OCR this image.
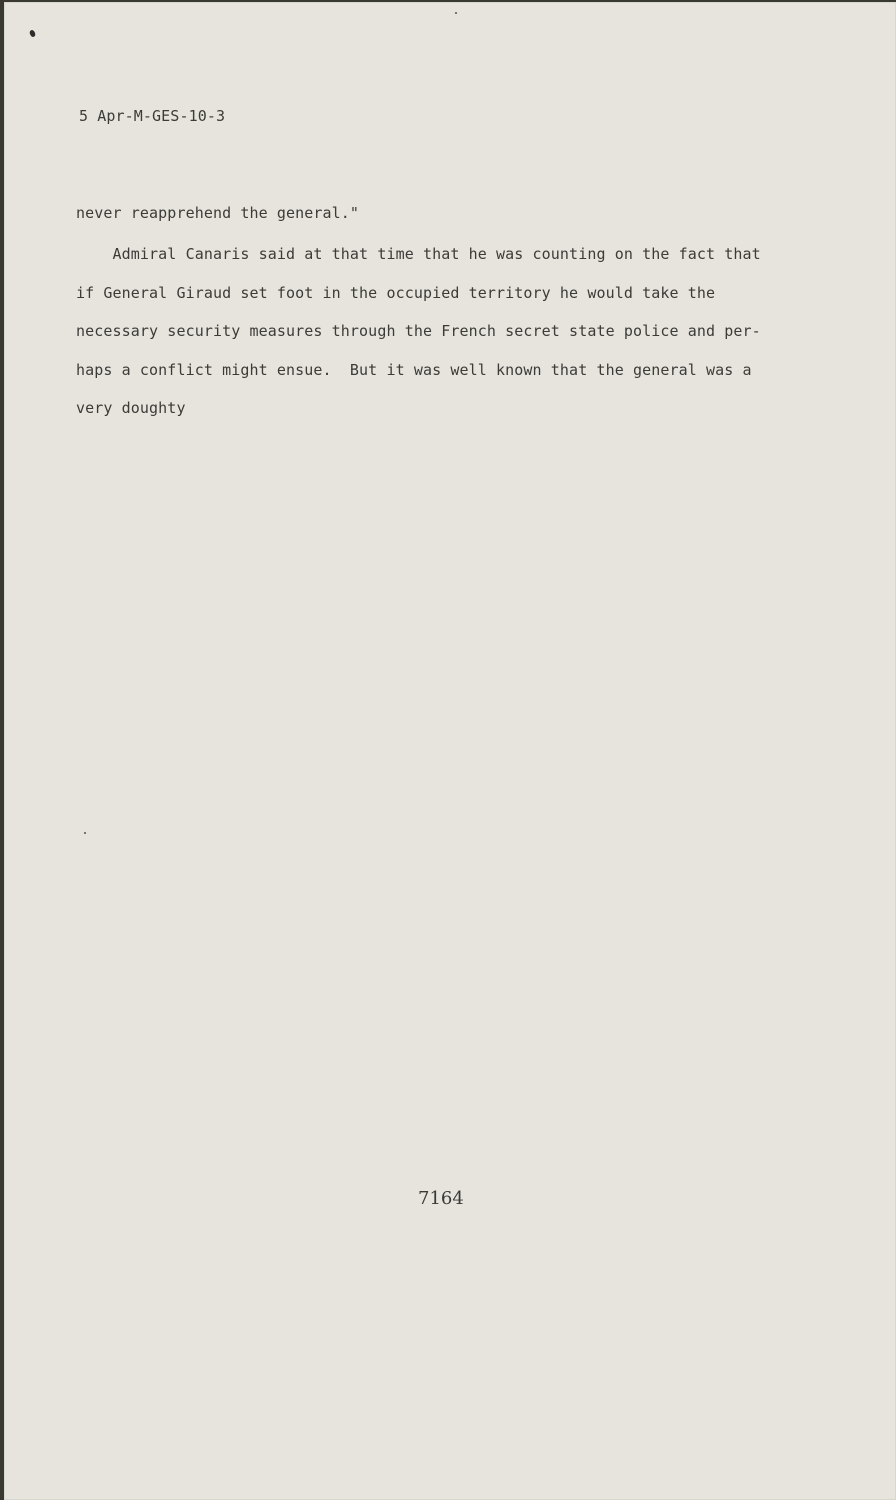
5 Apr-M-GES-10-3
never reapprehend the general."
Admiral Canaris said at that time that he was counting on the fact that
if General Giraud set foot in the occupied territory he would take the
necessary security measures through the French secret state police and per-
haps a conflict might ensue.  But it was well known that the general was a
very doughty
7164
